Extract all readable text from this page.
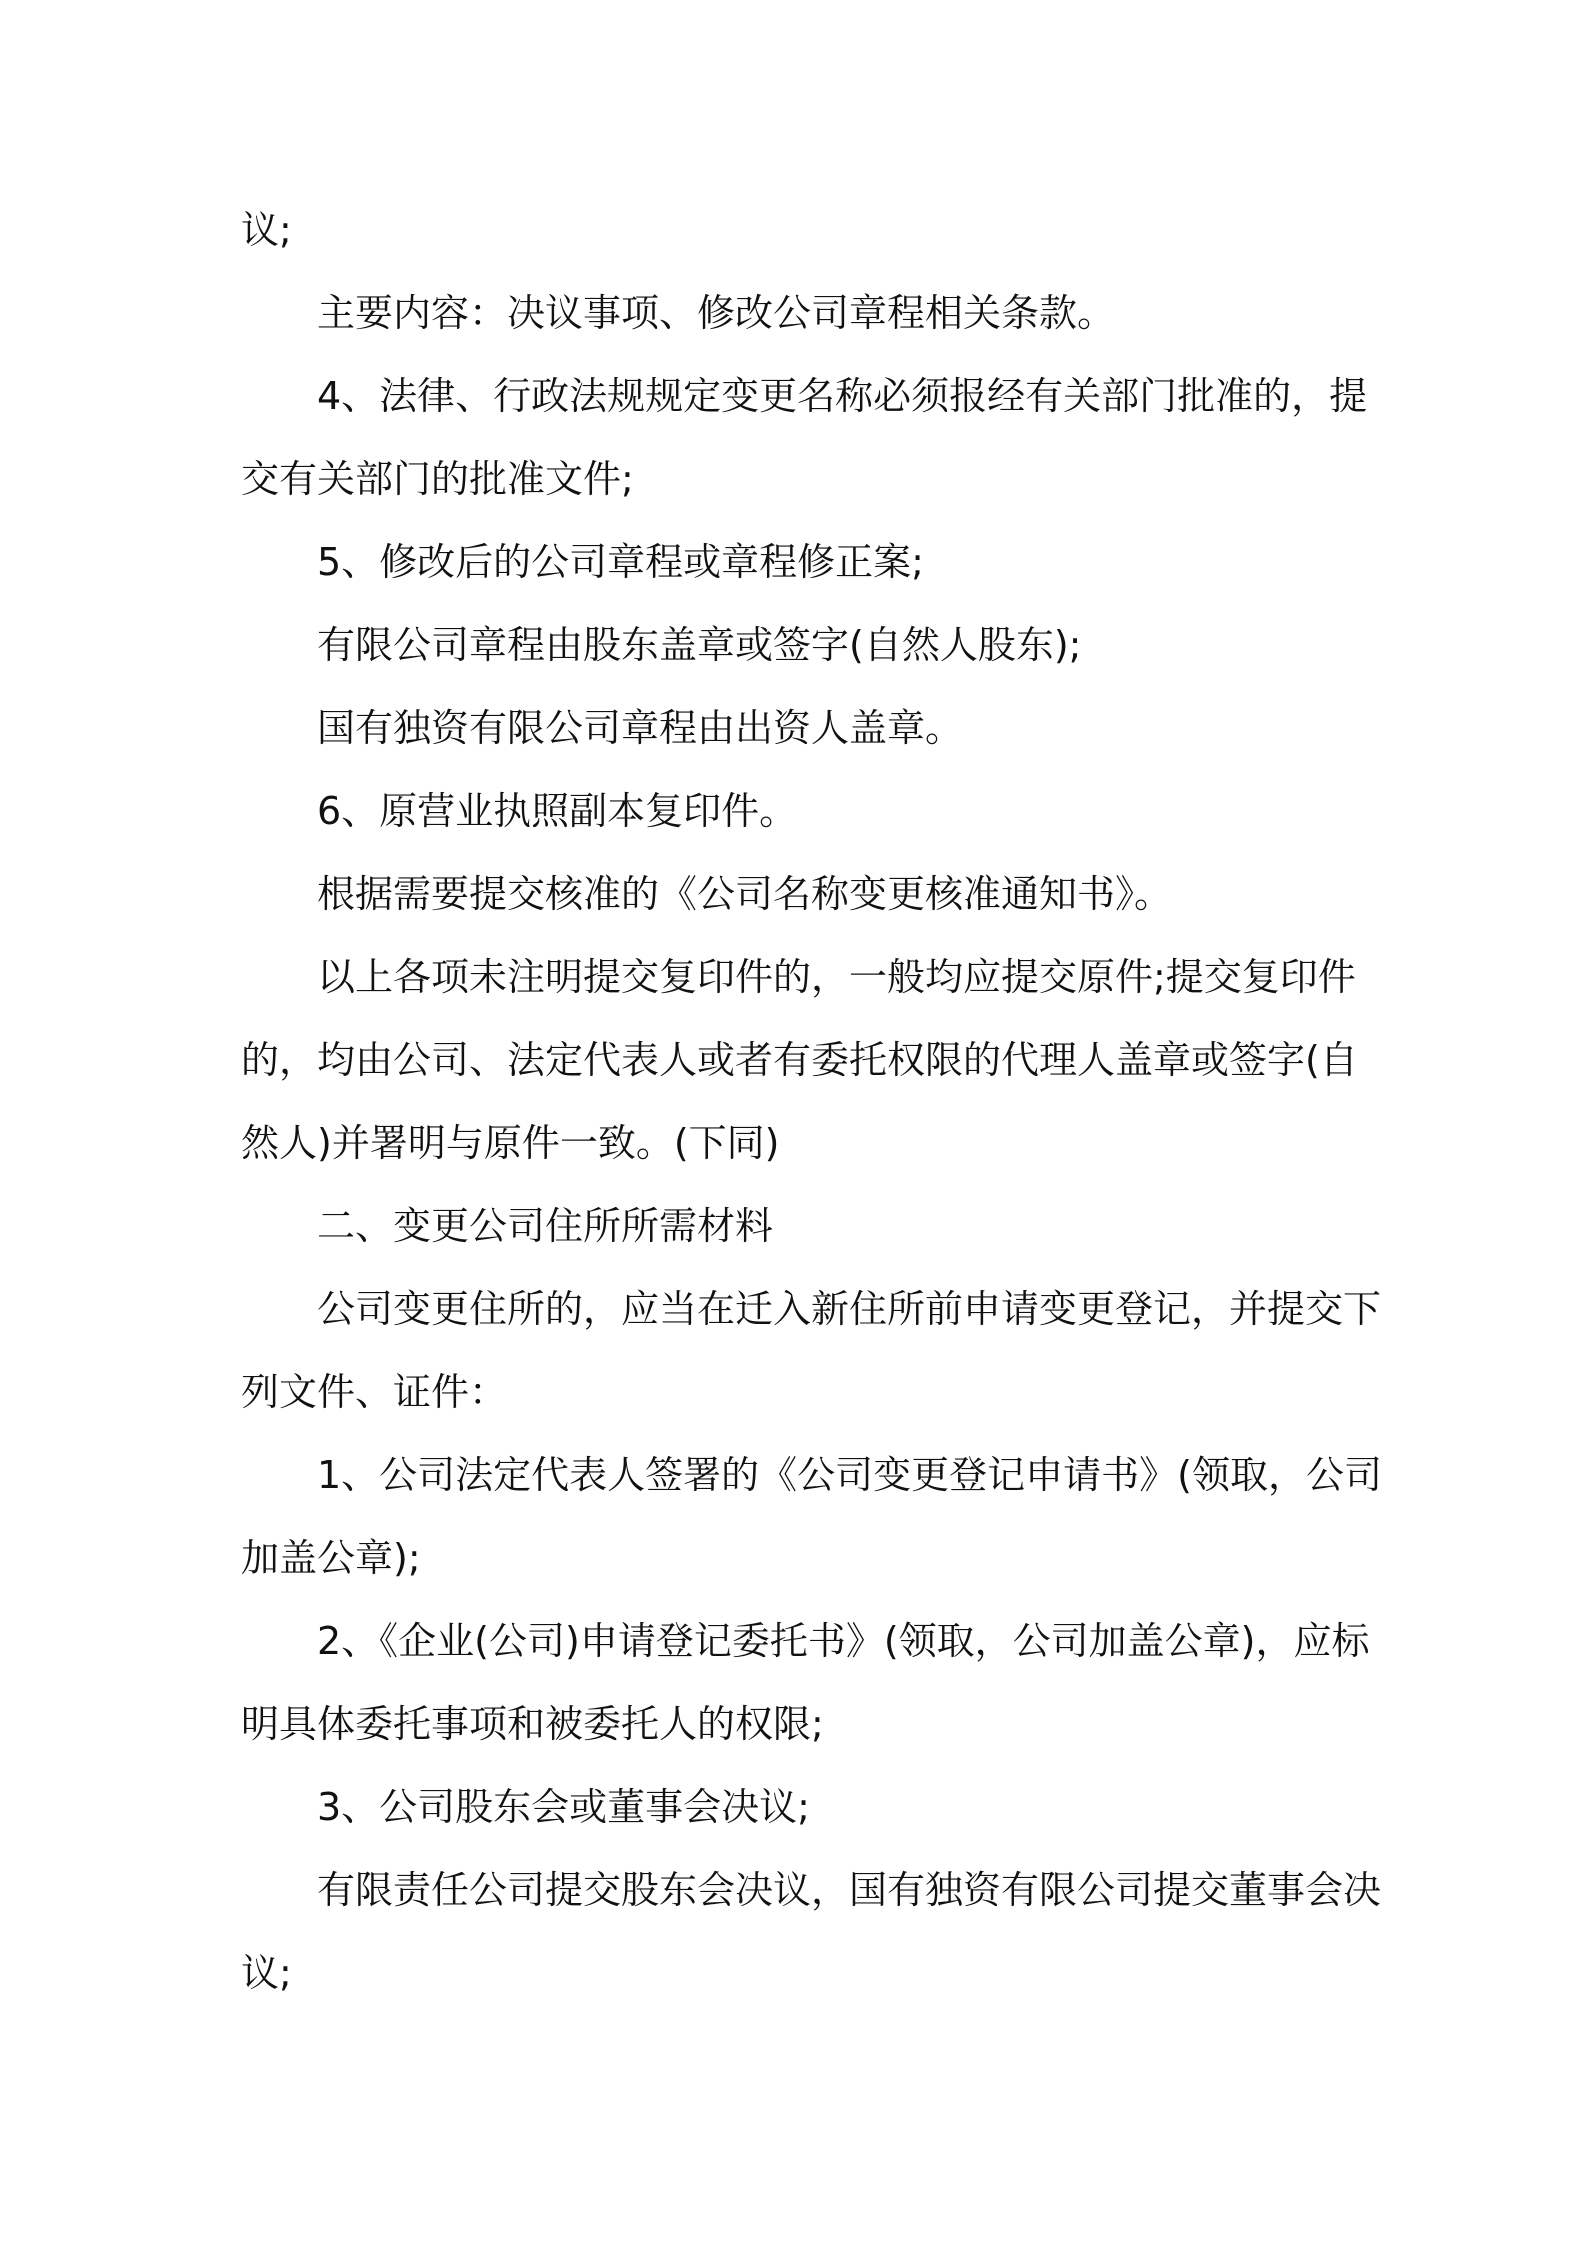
议;

主要内容：决议事项、修改公司章程相关条款。

4、法律、行政法规规定变更名称必须报经有关部门批准的，提

交有关部门的批准文件;

5、修改后的公司章程或章程修正案;

有限公司章程由股东盖章或签字(自然人股东);

国有独资有限公司章程由出资人盖章。

6、原营业执照副本复印件。

根据需要提交核准的《公司名称变更核准通知书》。

以上各项未注明提交复印件的，一般均应提交原件;提交复印件

的，均由公司、法定代表人或者有委托权限的代理人盖章或签字(自

然人)并署明与原件一致。(下同)

二、变更公司住所所需材料

公司变更住所的，应当在迁入新住所前申请变更登记，并提交下

列文件、证件：

1、公司法定代表人签署的《公司变更登记申请书》(领取，公司

加盖公章);

2、《企业(公司)申请登记委托书》(领取，公司加盖公章)，应标

明具体委托事项和被委托人的权限;

3、公司股东会或董事会决议;

有限责任公司提交股东会决议，国有独资有限公司提交董事会决

议;
